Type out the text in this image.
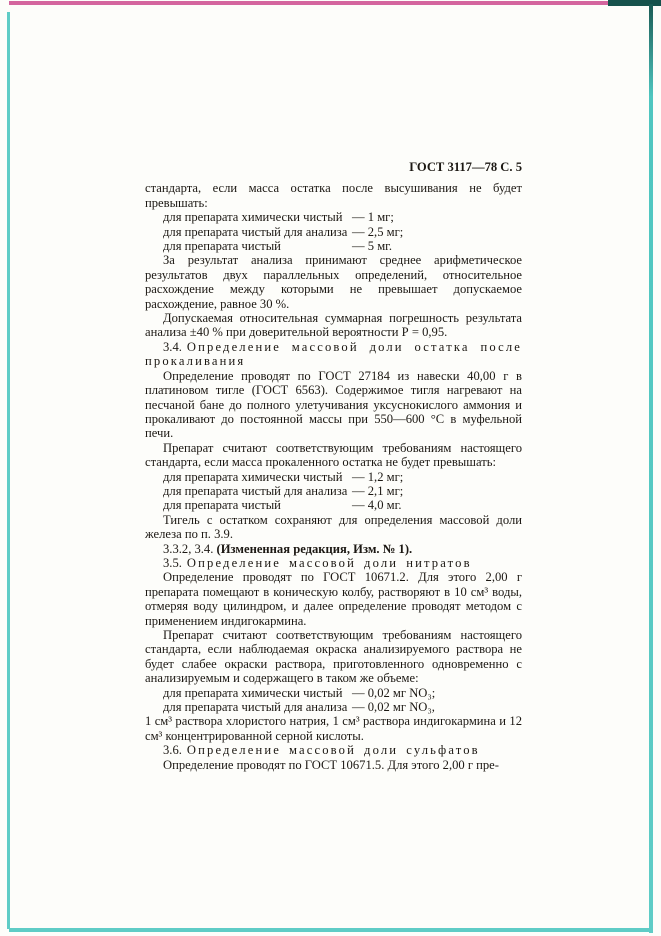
ГОСТ 3117—78 С. 5

стандарта, если масса остатка после высушивания не будет превышать:

для препарата химически чистый — 1 мг;
для препарата чистый для анализа — 2,5 мг;
для препарата чистый	— 5 мг.

За результат анализа принимают среднее арифметическое результатов двух параллельных определений, относительное расхождение между которыми не превышает допускаемое расхождение, равное 30 %.

Допускаемая относительная суммарная погрешность результата анализа ±40 % при доверительной вероятности Р = 0,95.

3.4. Определение массовой доли остатка после прокаливания

Определение проводят по ГОСТ 27184 из навески 40,00 г в платиновом тигле (ГОСТ 6563). Содержимое тигля нагревают на песчаной бане до полного улетучивания уксуснокислого аммония и прокаливают до постоянной массы при 550—600 °С в муфельной печи.

Препарат считают соответствующим требованиям настоящего стандарта, если масса прокаленного остатка не будет превышать:

для препарата химически чистый — 1,2 мг;
для препарата чистый для анализа — 2,1 мг;
для препарата чистый	— 4,0 мг.

Тигель с остатком сохраняют для определения массовой доли железа по п. 3.9.

3.3.2, 3.4. (Измененная редакция, Изм. № 1).

3.5. Определение массовой доли нитратов

Определение проводят по ГОСТ 10671.2. Для этого 2,00 г препарата помещают в коническую колбу, растворяют в 10 см³ воды, отмеряя воду цилиндром, и далее определение проводят методом с применением индигокармина.

Препарат считают соответствующим требованиям настоящего стандарта, если наблюдаемая окраска анализируемого раствора не будет слабее окраски раствора, приготовленного одновременно с анализируемым и содержащего в таком же объеме:

для препарата химически чистый — 0,02 мг NO₃;
для препарата чистый для анализа — 0,02 мг NO₃,

1 см³ раствора хлористого натрия, 1 см³ раствора индигокармина и 12 см³ концентрированной серной кислоты.

3.6. Определение массовой доли сульфатов

Определение проводят по ГОСТ 10671.5. Для этого 2,00 г пре-
